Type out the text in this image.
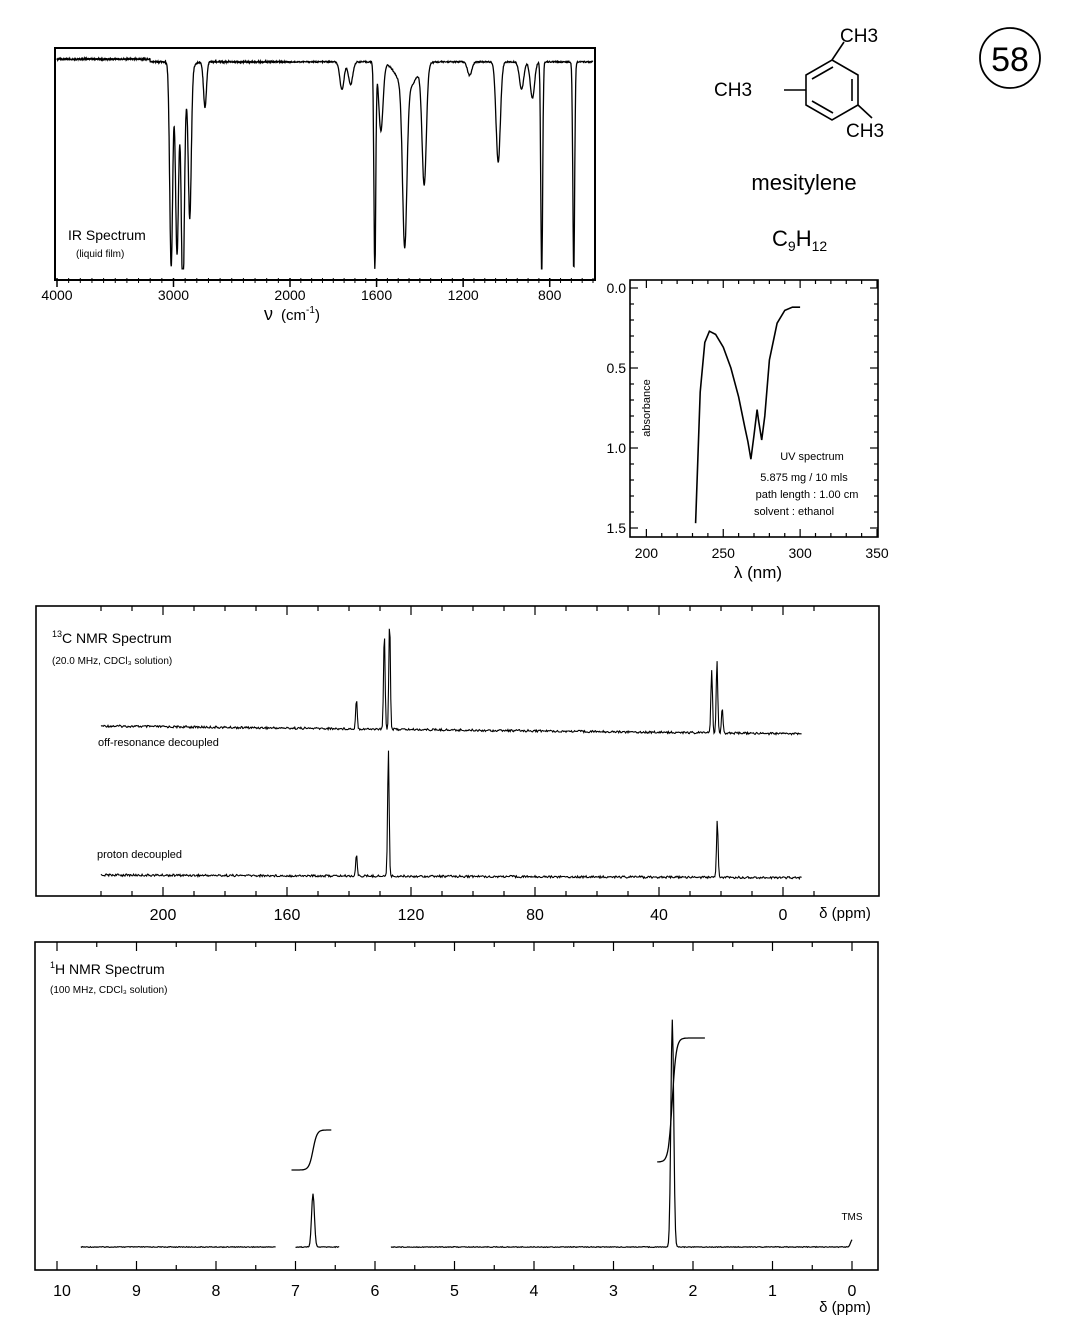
58
CH3
CH3
CH3
mesitylene
$C_9H_{12}$
4000	3000	2000	1600	1200	800
IR Spectrum
(liquid film)
ν ($cm^{-1}_)$
200	250	300	350
0.0
0.5
1.0
1.5
absorbance
UV spectrum
5.875 mg / 10 mls
path length : 1.00 cm
solvent : ethanol
λ (nm)
200	160	120	80	40	0
$^{13}$C NMR Spectrum
(20.0 MHz, CDCl₃ solution)
off-resonance decoupled
proton decoupled
δ (ppm)
10	9	8	7	6	5	4	3	2	1	0
$^1$H NMR Spectrum
(100 MHz, CDCl₃ solution)
TMS
δ (ppm)
